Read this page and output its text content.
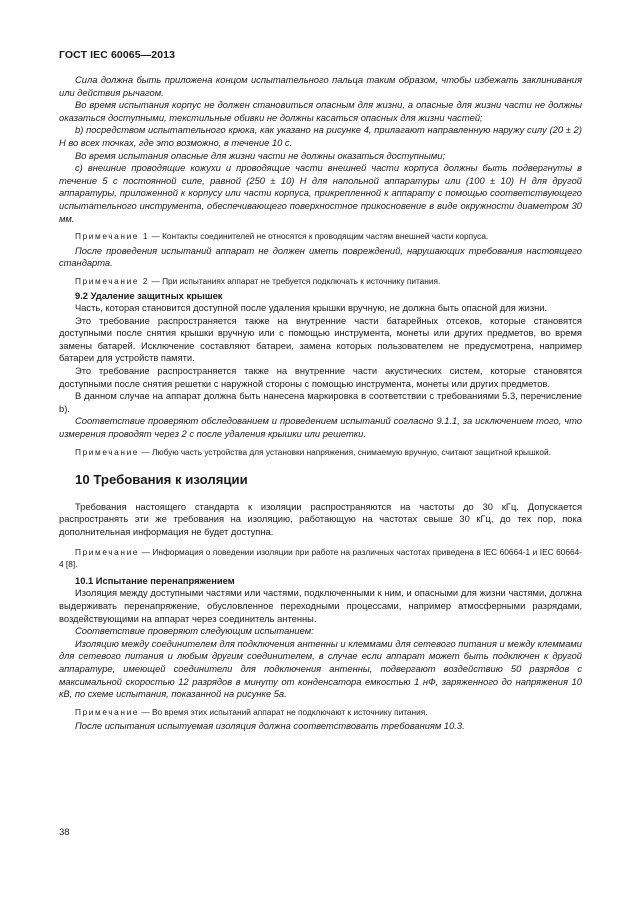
ГОСТ IEC 60065—2013

Сила должна быть приложена концом испытательного пальца таким образом, чтобы избежать заклинивания или действия рычагом.

Во время испытания корпус не должен становиться опасным для жизни, а опасные для жизни части не должны оказаться доступными, текстильные обивки не должны касаться опасных для жизни частей;

b) посредством испытательного крюка, как указано на рисунке 4, прилагают направленную наружу силу (20 ± 2) Н во всех точках, где это возможно, в течение 10 с.

Во время испытания опасные для жизни части не должны оказаться доступными;

c) внешние проводящие кожухи и проводящие части внешней части корпуса должны быть подвергнуты в течение 5 с постоянной силе, равной (250 ± 10) Н для напольной аппаратуры или (100 ± 10) Н для другой аппаратуры, приложенной к корпусу или части корпуса, прикрепленной к аппарату с помощью соответствующего испытательного инструмента, обеспечивающего поверхностное прикосновение в виде окружности диаметром 30 мм.

Примечание 1 — Контакты соединителей не относятся к проводящим частям внешней части корпуса.

После проведения испытаний аппарат не должен иметь повреждений, нарушающих требования настоящего стандарта.

Примечание 2 — При испытаниях аппарат не требуется подключать к источнику питания.

9.2 Удаление защитных крышек

Часть, которая становится доступной после удаления крышки вручную, не должна быть опасной для жизни.

Это требование распространяется также на внутренние части батарейных отсеков, которые становятся доступными после снятия крышки вручную или с помощью инструмента, монеты или других предметов, во время замены батарей. Исключение составляют батареи, замена которых пользователем не предусмотрена, например батареи для устройств памяти.

Это требование распространяется также на внутренние части акустических систем, которые становятся доступными после снятия решетки с наружной стороны с помощью инструмента, монеты или других предметов.

В данном случае на аппарат должна быть нанесена маркировка в соответствии с требованиями 5.3, перечисление b).

Соответствие проверяют обследованием и проведением испытаний согласно 9.1.1, за исключением того, что измерения проводят через 2 с после удаления крышки или решетки.

Примечание — Любую часть устройства для установки напряжения, снимаемую вручную, считают защитной крышкой.

10 Требования к изоляции

Требования настоящего стандарта к изоляции распространяются на частоты до 30 кГц. Допускается распространять эти же требования на изоляцию, работающую на частотах свыше 30 кГц, до тех пор, пока дополнительная информация не будет доступна.

Примечание — Информация о поведении изоляции при работе на различных частотах приведена в IEC 60664-1 и IEC 60664-4 [8].

10.1 Испытание перенапряжением

Изоляция между доступными частями или частями, подключенными к ним, и опасными для жизни частями, должна выдерживать перенапряжение, обусловленное переходными процессами, например атмосферными разрядами, воздействующими на аппарат через соединитель антенны.

Соответствие проверяют следующим испытанием:

Изоляцию между соединителем для подключения антенны и клеммами для сетевого питания и между клеммами для сетевого питания и любым другим соединителем, в случае если аппарат может быть подключен к другой аппаратуре, имеющей соединители для подключения антенны, подвергают воздействию 50 разрядов с максимальной скоростью 12 разрядов в минуту от конденсатора емкостью 1 нФ, заряженного до напряжения 10 кВ, по схеме испытания, показанной на рисунке 5а.

Примечание — Во время этих испытаний аппарат не подключают к источнику питания.

После испытания испытуемая изоляция должна соответствовать требованиям 10.3.

38
